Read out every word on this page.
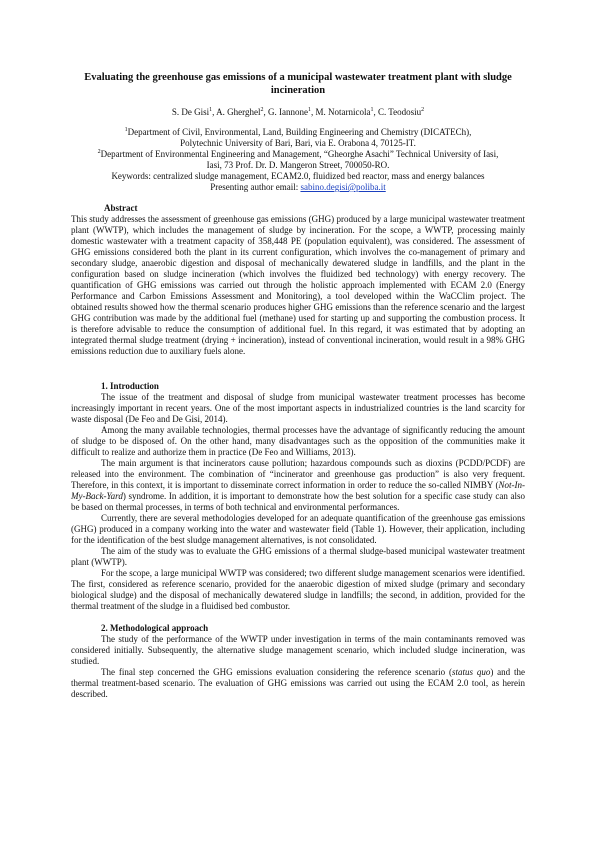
Evaluating the greenhouse gas emissions of a municipal wastewater treatment plant with sludge incineration
S. De Gisi$^1$, A. Gherghel$^2$, G. Iannone$^1$, M. Notarnicola$^1$, C. Teodosiu$^2$
$^1$Department of Civil, Environmental, Land, Building Engineering and Chemistry (DICATECh),
Polytechnic University of Bari, Bari, via E. Orabona 4, 70125-IT.
$^2$Department of Environmental Engineering and Management, “Gheorghe Asachi” Technical University of Iasi,
Iasi, 73 Prof. Dr. D. Mangeron Street, 700050-RO.
Keywords: centralized sludge management, ECAM2.0, fluidized bed reactor, mass and energy balances
Presenting author email: sabino.degisi@poliba.it
Abstract

This study addresses the assessment of greenhouse gas emissions (GHG) produced by a large municipal wastewater treatment plant (WWTP), which includes the management of sludge by incineration. For the scope, a WWTP, processing mainly domestic wastewater with a treatment capacity of 358,448 PE (population equivalent), was considered. The assessment of GHG emissions considered both the plant in its current configuration, which involves the co-management of primary and secondary sludge, anaerobic digestion and disposal of mechanically dewatered sludge in landfills, and the plant in the configuration based on sludge incineration (which involves the fluidized bed technology) with energy recovery. The quantification of GHG emissions was carried out through the holistic approach implemented with ECAM 2.0 (Energy Performance and Carbon Emissions Assessment and Monitoring), a tool developed within the WaCClim project. The obtained results showed how the thermal scenario produces higher GHG emissions than the reference scenario and the largest GHG contribution was made by the additional fuel (methane) used for starting up and supporting the combustion process. It is therefore advisable to reduce the consumption of additional fuel. In this regard, it was estimated that by adopting an integrated thermal sludge treatment (drying + incineration), instead of conventional incineration, would result in a 98% GHG emissions reduction due to auxiliary fuels alone.

1. Introduction

The issue of the treatment and disposal of sludge from municipal wastewater treatment processes has become increasingly important in recent years. One of the most important aspects in industrialized countries is the land scarcity for waste disposal (De Feo and De Gisi, 2014).

Among the many available technologies, thermal processes have the advantage of significantly reducing the amount of sludge to be disposed of. On the other hand, many disadvantages such as the opposition of the communities make it difficult to realize and authorize them in practice (De Feo and Williams, 2013).

The main argument is that incinerators cause pollution; hazardous compounds such as dioxins (PCDD/PCDF) are released into the environment. The combination of “incinerator and greenhouse gas production” is also very frequent. Therefore, in this context, it is important to disseminate correct information in order to reduce the so-called NIMBY (Not-In-My-Back-Yard) syndrome. In addition, it is important to demonstrate how the best solution for a specific case study can also be based on thermal processes, in terms of both technical and environmental performances.

Currently, there are several methodologies developed for an adequate quantification of the greenhouse gas emissions (GHG) produced in a company working into the water and wastewater field (Table 1). However, their application, including for the identification of the best sludge management alternatives, is not consolidated.

The aim of the study was to evaluate the GHG emissions of a thermal sludge-based municipal wastewater treatment plant (WWTP).

For the scope, a large municipal WWTP was considered; two different sludge management scenarios were identified. The first, considered as reference scenario, provided for the anaerobic digestion of mixed sludge (primary and secondary biological sludge) and the disposal of mechanically dewatered sludge in landfills; the second, in addition, provided for the thermal treatment of the sludge in a fluidised bed combustor.

2. Methodological approach

The study of the performance of the WWTP under investigation in terms of the main contaminants removed was considered initially. Subsequently, the alternative sludge management scenario, which included sludge incineration, was studied.

The final step concerned the GHG emissions evaluation considering the reference scenario (status quo) and the thermal treatment-based scenario. The evaluation of GHG emissions was carried out using the ECAM 2.0 tool, as herein described.
